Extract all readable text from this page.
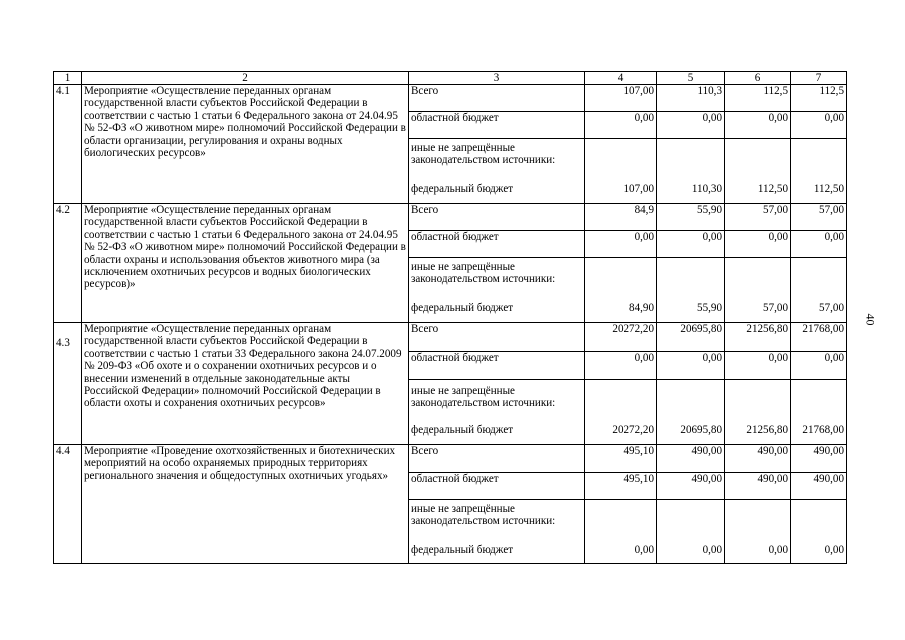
1	2	3	4	5	6	7
4.1	Мероприятие «Осуществление переданных органам государственной власти субъектов Российской Федерации в соответствии с частью 1 статьи 6 Федерального закона от 24.04.95 № 52-ФЗ «О животном мире» полномочий Российской Федерации в области организации, регулирования и охраны водных биологических ресурсов»	Всего	107,00	110,3	112,5	112,5
		областной бюджет	0,00	0,00	0,00	0,00
		иные не запрещённые законодательством источники:				
		федеральный бюджет	107,00	110,30	112,50	112,50
4.2	Мероприятие «Осуществление переданных органам государственной власти субъектов Российской Федерации в соответствии с частью 1 статьи 6 Федерального закона от 24.04.95 № 52-ФЗ «О животном мире» полномочий Российской Федерации в области охраны и использования объектов животного мира (за исключением охотничьих ресурсов и водных биологических ресурсов)»	Всего	84,9	55,90	57,00	57,00
		областной бюджет	0,00	0,00	0,00	0,00
		иные не запрещённые законодательством источники:				
		федеральный бюджет	84,90	55,90	57,00	57,00
4.3	Мероприятие «Осуществление переданных органам государственной власти субъектов Российской Федерации в соответствии с частью 1 статьи 33 Федерального закона 24.07.2009 № 209-ФЗ «Об охоте и о сохранении охотничьих ресурсов и о внесении изменений в отдельные законодательные акты Российской Федерации» полномочий Российской Федерации в области охоты и сохранения охотничьих ресурсов»	Всего	20272,20	20695,80	21256,80	21768,00
		областной бюджет	0,00	0,00	0,00	0,00
		иные не запрещённые законодательством источники:				
		федеральный бюджет	20272,20	20695,80	21256,80	21768,00
4.4	Мероприятие «Проведение охотхозяйственных и биотехнических мероприятий на особо охраняемых природных территориях регионального значения и общедоступных охотничьих угодьях»	Всего	495,10	490,00	490,00	490,00
		областной бюджет	495,10	490,00	490,00	490,00
		иные не запрещённые законодательством источники:				
		федеральный бюджет	0,00	0,00	0,00	0,00
40
